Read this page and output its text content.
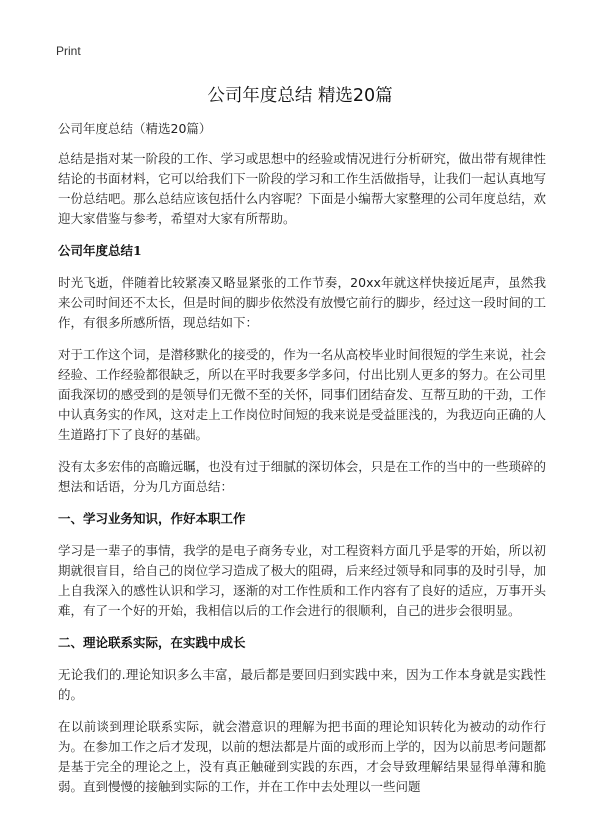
Print
公司年度总结 精选20篇
公司年度总结（精选20篇）

总结是指对某一阶段的工作、学习或思想中的经验或情况进行分析研究，做出带有规律性结论的书面材料，它可以给我们下一阶段的学习和工作生活做指导，让我们一起认真地写一份总结吧。那么总结应该包括什么内容呢？下面是小编帮大家整理的公司年度总结，欢迎大家借鉴与参考，希望对大家有所帮助。

公司年度总结1

时光飞逝，伴随着比较紧凑又略显紧张的工作节奏，20xx年就这样快接近尾声，虽然我来公司时间还不太长，但是时间的脚步依然没有放慢它前行的脚步，经过这一段时间的工作，有很多所感所悟，现总结如下：

对于工作这个词，是潜移默化的接受的，作为一名从高校毕业时间很短的学生来说，社会经验、工作经验都很缺乏，所以在平时我要多学多问，付出比别人更多的努力。在公司里面我深切的感受到的是领导们无微不至的关怀，同事们团结奋发、互帮互助的干劲，工作中认真务实的作风，这对走上工作岗位时间短的我来说是受益匪浅的，为我迈向正确的人生道路打下了良好的基础。

没有太多宏伟的高瞻远瞩，也没有过于细腻的深切体会，只是在工作的当中的一些琐碎的想法和话语，分为几方面总结：

一、学习业务知识，作好本职工作

学习是一辈子的事情，我学的是电子商务专业，对工程资料方面几乎是零的开始，所以初期就很盲目，给自己的岗位学习造成了极大的阻碍，后来经过领导和同事的及时引导，加上自我深入的感性认识和学习，逐渐的对工作性质和工作内容有了良好的适应，万事开头难，有了一个好的开始，我相信以后的工作会进行的很顺利，自己的进步会很明显。

二、理论联系实际，在实践中成长

无论我们的.理论知识多么丰富，最后都是要回归到实践中来，因为工作本身就是实践性的。

在以前谈到理论联系实际，就会潜意识的理解为把书面的理论知识转化为被动的动作行为。在参加工作之后才发现，以前的想法都是片面的或形而上学的，因为以前思考问题都是基于完全的理论之上，没有真正触碰到实践的东西，才会导致理解结果显得单薄和脆弱。直到慢慢的接触到实际的工作，并在工作中去处理以一些问题
